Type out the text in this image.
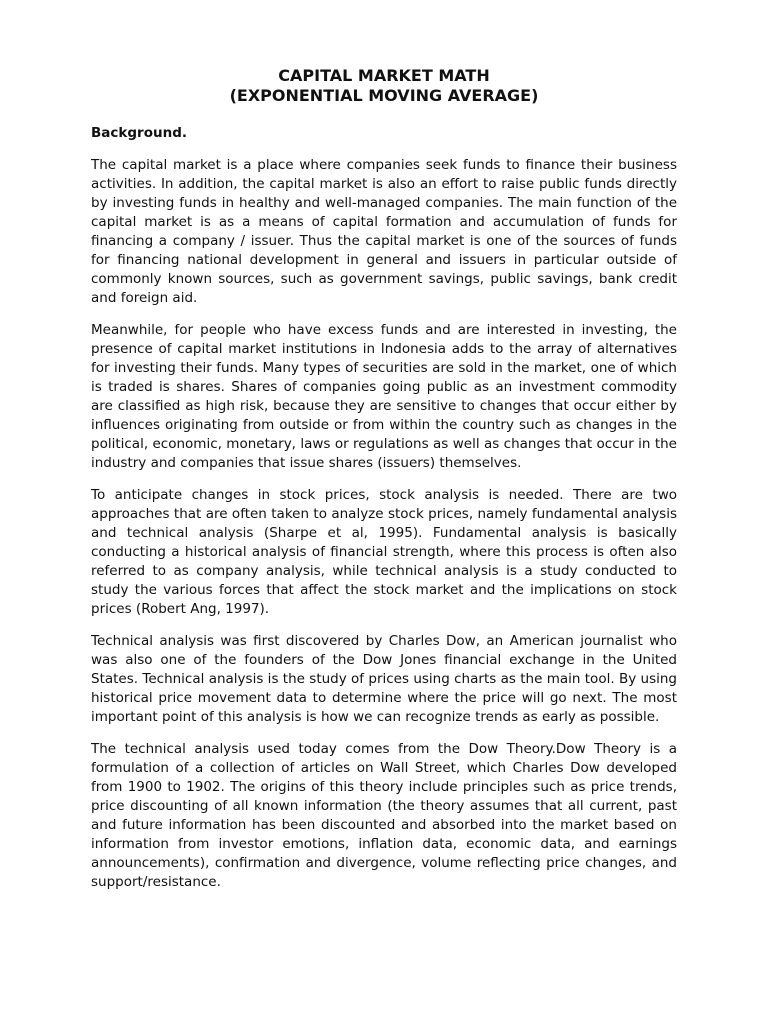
CAPITAL MARKET MATH
(EXPONENTIAL MOVING AVERAGE)

Background.

The capital market is a place where companies seek funds to finance their business activities. In addition, the capital market is also an effort to raise public funds directly by investing funds in healthy and well-managed companies. The main function of the capital market is as a means of capital formation and accumulation of funds for financing a company / issuer. Thus the capital market is one of the sources of funds for financing national development in general and issuers in particular outside of commonly known sources, such as government savings, public savings, bank credit and foreign aid.

Meanwhile, for people who have excess funds and are interested in investing, the presence of capital market institutions in Indonesia adds to the array of alternatives for investing their funds. Many types of securities are sold in the market, one of which is traded is shares. Shares of companies going public as an investment commodity are classified as high risk, because they are sensitive to changes that occur either by influences originating from outside or from within the country such as changes in the political, economic, monetary, laws or regulations as well as changes that occur in the industry and companies that issue shares (issuers) themselves.

To anticipate changes in stock prices, stock analysis is needed. There are two approaches that are often taken to analyze stock prices, namely fundamental analysis and technical analysis (Sharpe et al, 1995). Fundamental analysis is basically conducting a historical analysis of financial strength, where this process is often also referred to as company analysis, while technical analysis is a study conducted to study the various forces that affect the stock market and the implications on stock prices (Robert Ang, 1997).

Technical analysis was first discovered by Charles Dow, an American journalist who was also one of the founders of the Dow Jones financial exchange in the United States. Technical analysis is the study of prices using charts as the main tool. By using historical price movement data to determine where the price will go next. The most important point of this analysis is how we can recognize trends as early as possible.

The technical analysis used today comes from the Dow Theory.Dow Theory is a formulation of a collection of articles on Wall Street, which Charles Dow developed from 1900 to 1902. The origins of this theory include principles such as price trends, price discounting of all known information (the theory assumes that all current, past and future information has been discounted and absorbed into the market based on information from investor emotions, inflation data, economic data, and earnings announcements), confirmation and divergence, volume reflecting price changes, and support/resistance.
